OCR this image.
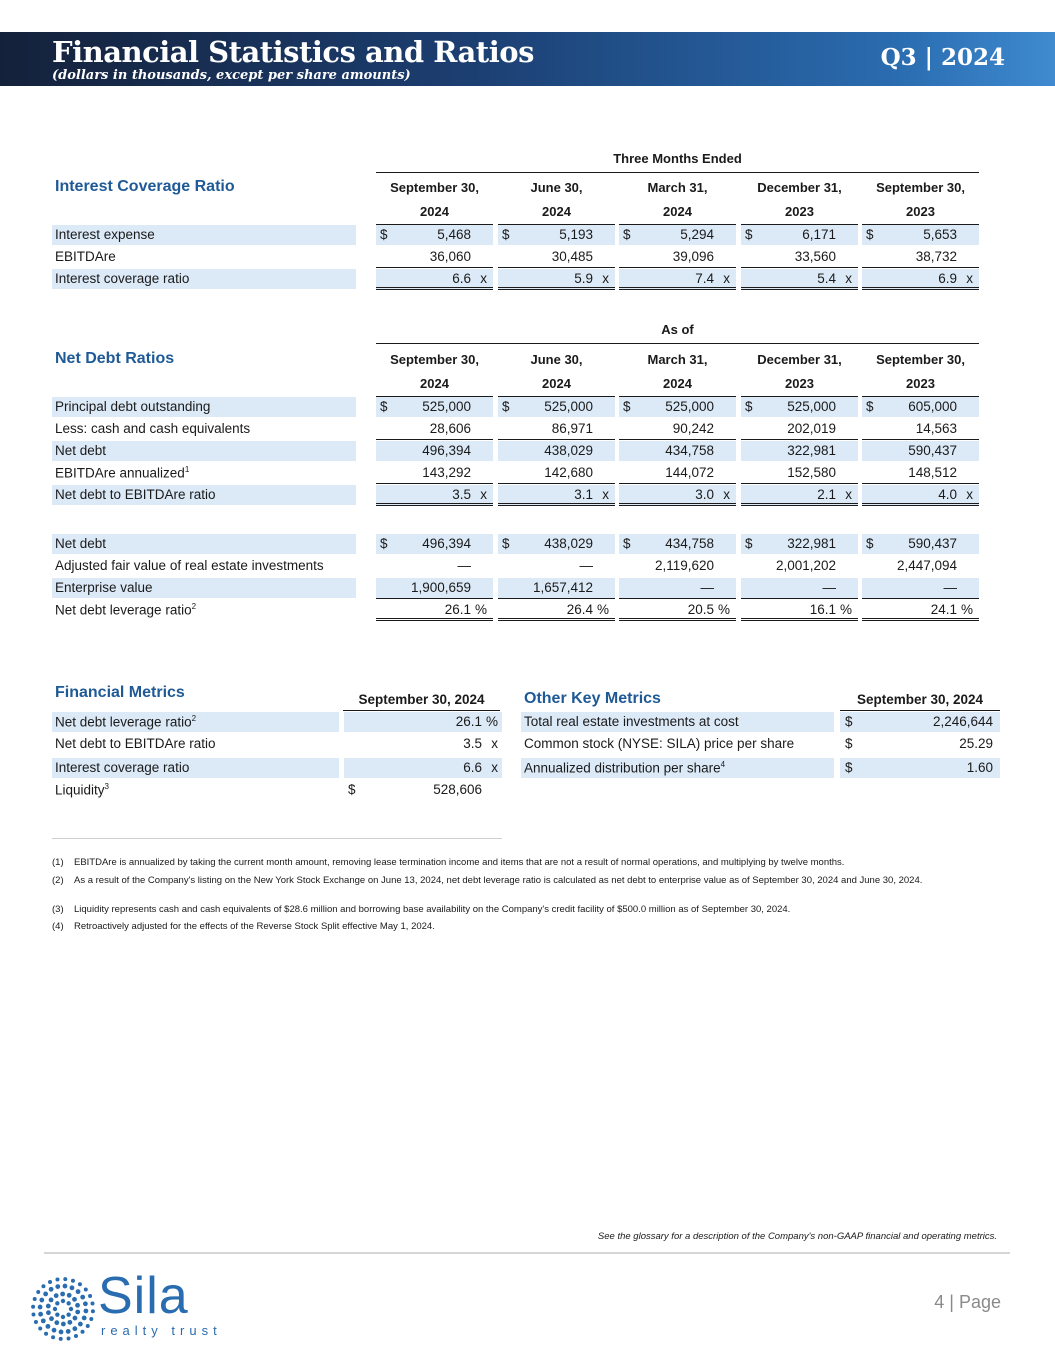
Financial Statistics and Ratios
(dollars in thousands, except per share amounts)
Q3 | 2024
Interest Coverage Ratio
Three Months Ended
September 30,
2024
June 30,
2024
March 31,
2024
December 31,
2023
September 30,
2023
Interest expense	$	5,468 $	5,193 $	5,294 $	6,171 $	5,653
EBITDAre	36,060	30,485	39,096	33,560	38,732
Interest coverage ratio	6.6 x	5.9 x	7.4 x	5.4 x	6.9 x
Net Debt Ratios
As of
September 30,
2024
June 30,
2024
March 31,
2024
December 31,
2023
September 30,
2023
Principal debt outstanding	$	525,000 $	525,000 $	525,000 $	525,000 $	605,000
Less: cash and cash equivalents	28,606	86,971	90,242	202,019	14,563
Net debt	496,394	438,029	434,758	322,981	590,437
EBITDAre annualized$^1$	143,292	142,680	144,072	152,580	148,512
Net debt to EBITDAre ratio	3.5 x	3.1 x	3.0 x	2.1 x	4.0 x
Net debt	$	496,394 $	438,029 $	434,758 $	322,981 $	590,437
Adjusted fair value of real estate investments	—	—	2,119,620	2,001,202	2,447,094
Enterprise value	1,900,659	1,657,412	—	—	—
Net debt leverage ratio$^2$	26.1 %	26.4 %	20.5 %	16.1 %	24.1 %
Financial Metrics	September 30, 2024
Net debt leverage ratio$^2$	26.1 %
Net debt to EBITDAre ratio	3.5 x
Interest coverage ratio	6.6 x
Liquidity$^3$	$	528,606
Other Key Metrics	September 30, 2024
Total real estate investments at cost	$	2,246,644
Common stock (NYSE: SILA) price per share	$	25.29
Annualized distribution per share$^4$	$	1.60
(1) EBITDAre is annualized by taking the current month amount, removing lease termination income and items that are not a result of normal operations, and multiplying by twelve months.
(2) As a result of the Company's listing on the New York Stock Exchange on June 13, 2024, net debt leverage ratio is calculated as net debt to enterprise value as of September 30, 2024 and June 30, 2024.
(3) Liquidity represents cash and cash equivalents of $28.6 million and borrowing base availability on the Company's credit facility of $500.0 million as of September 30, 2024.
(4) Retroactively adjusted for the effects of the Reverse Stock Split effective May 1, 2024.
See the glossary for a description of the Company's non-GAAP financial and operating metrics.
Sila
realty trust
4 | Page
